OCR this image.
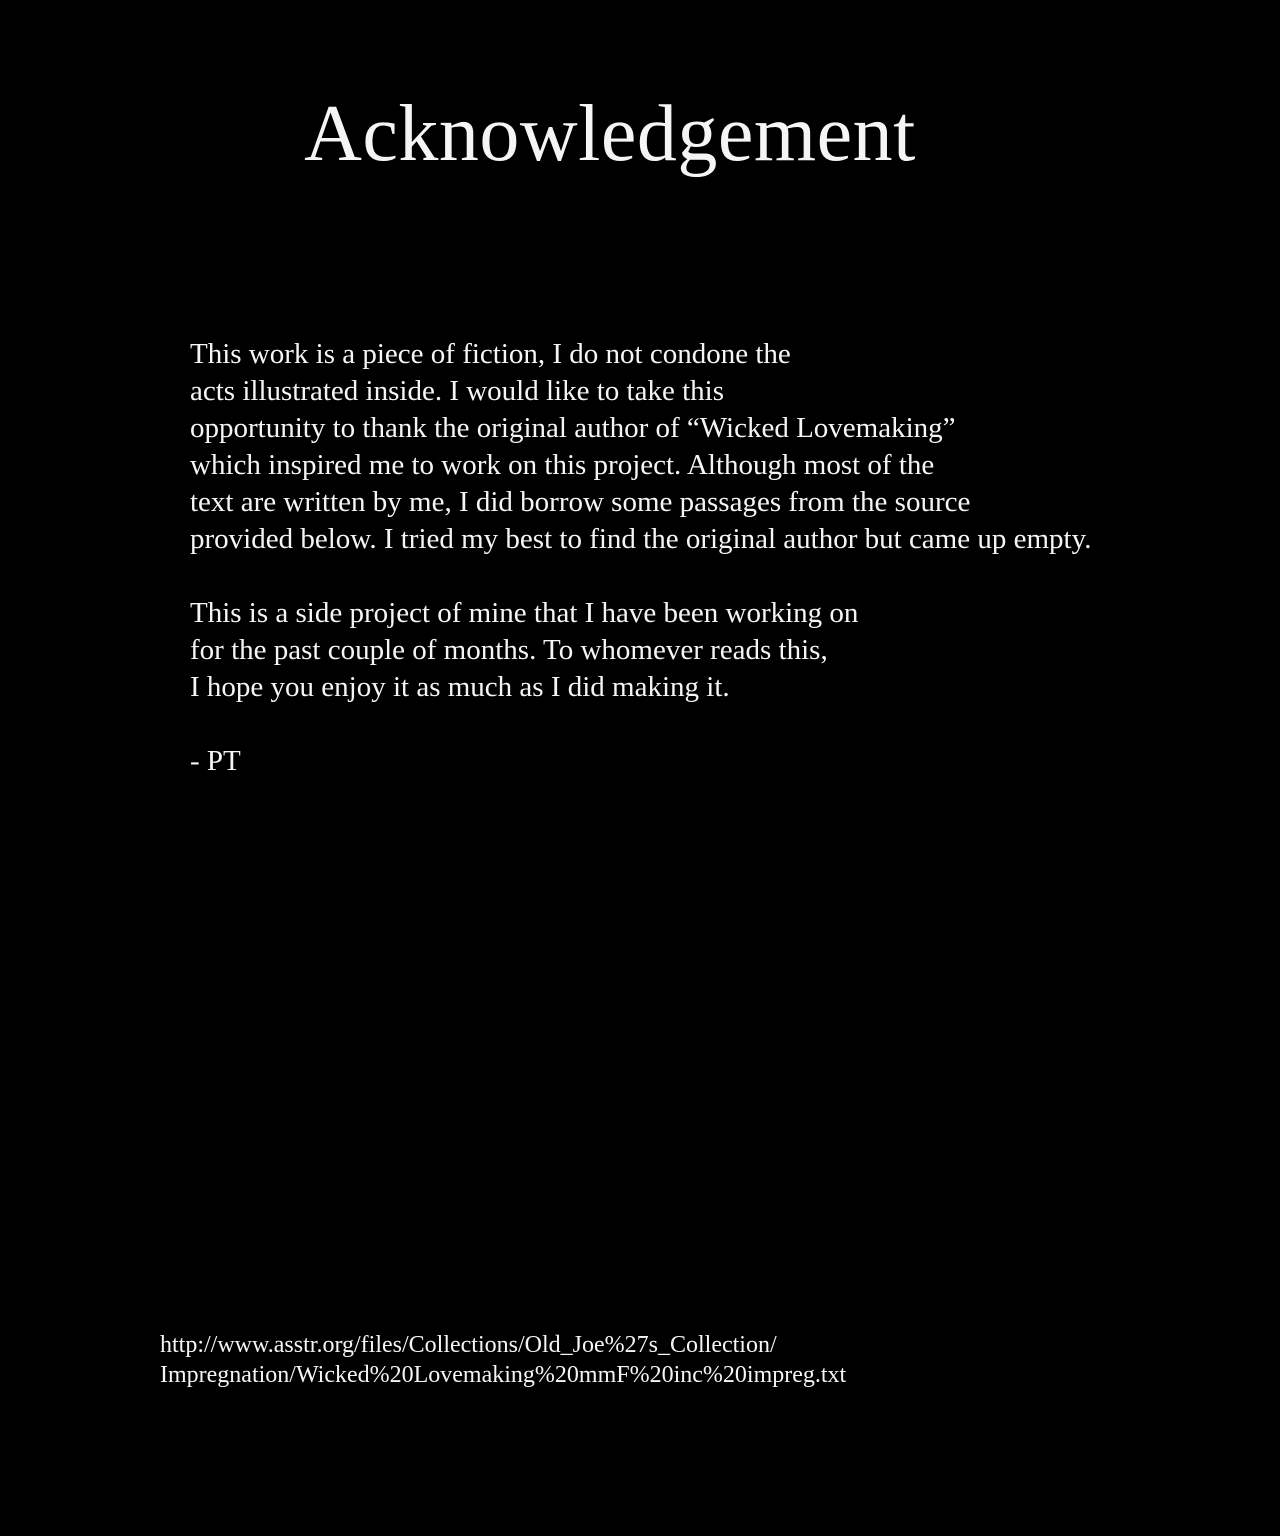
Acknowledgement

This work is a piece of fiction, I do not condone the
acts illustrated inside. I would like to take this
opportunity to thank the original author of “Wicked Lovemaking”
which inspired me to work on this project. Although most of the
text are written by me, I did borrow some passages from the source
provided below. I tried my best to find the original author but came up empty.

This is a side project of mine that I have been working on
for the past couple of months. To whomever reads this,
I hope you enjoy it as much as I did making it.

- PT

http://www.asstr.org/files/Collections/Old_Joe%27s_Collection/
Impregnation/Wicked%20Lovemaking%20mmF%20inc%20impreg.txt
